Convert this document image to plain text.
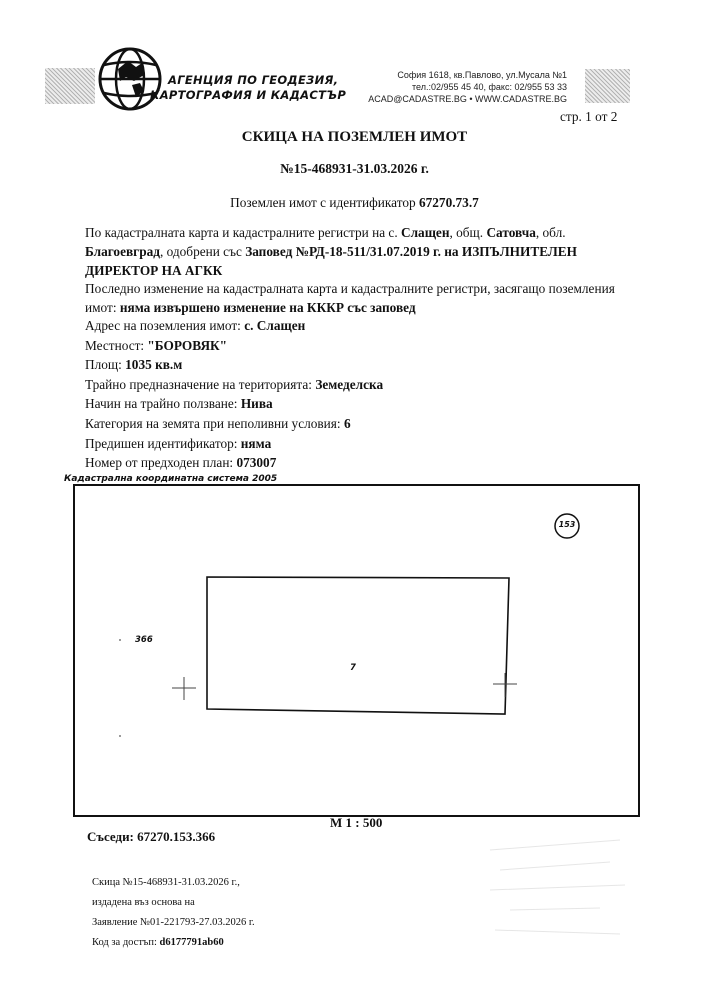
АГЕНЦИЯ ПО ГЕОДЕЗИЯ,
КАРТОГРАФИЯ И КАДАСТЪР
София 1618, кв.Павлово, ул.Мусала №1
тел.:02/955 45 40, факс: 02/955 53 33
ACAD@CADASTRE.BG • WWW.CADASTRE.BG
стр. 1 от 2
СКИЦА НА ПОЗЕМЛЕН ИМОТ
№15-468931-31.03.2026 г.
Поземлен имот с идентификатор 67270.73.7
По кадастралната карта и кадастралните регистри на с. Слащен, общ. Сатовча, обл.
Благоевград, одобрени със Заповед №РД-18-511/31.07.2019 г. на ИЗПЪЛНИТЕЛЕН
ДИРЕКТОР НА АГКК
Последно изменение на кадастралната карта и кадастралните регистри, засягащо поземления
имот: няма извършено изменение на КККР със заповед
Адрес на поземления имот: с. Слащен
Местност: "БОРОВЯК"
Площ: 1035 кв.м
Трайно предназначение на територията: Земеделска
Начин на трайно ползване: Нива
Категория на земята при неполивни условия: 6
Предишен идентификатор: няма
Номер от предходен план: 073007
Кадастрална координатна система 2005
153
366
7
М 1 : 500
Съседи: 67270.153.366
Скица №15-468931-31.03.2026 г.,
издадена въз основа на
Заявление №01-221793-27.03.2026 г.
Код за достъп: d6177791ab60
